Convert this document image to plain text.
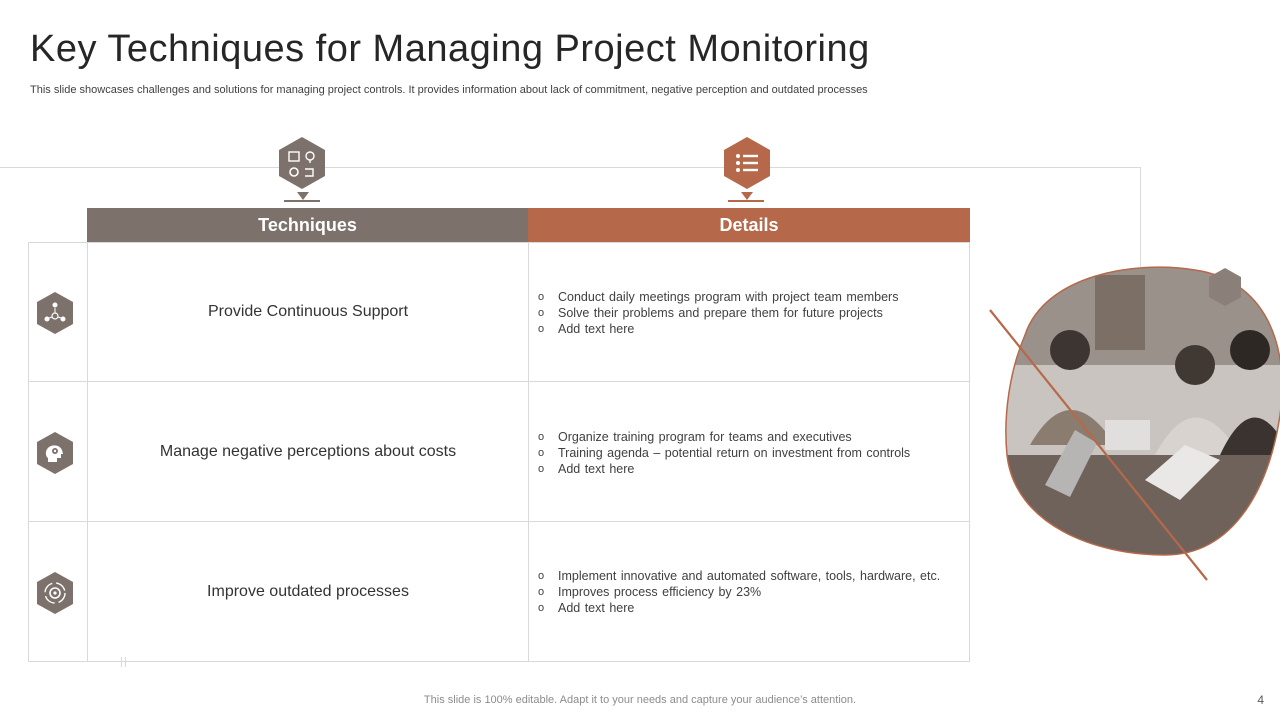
Key Techniques for Managing Project Monitoring
This slide showcases challenges and solutions for managing project controls. It provides information about lack of commitment, negative perception and outdated processes
Techniques	Details
Provide Continuous Support
Manage negative perceptions about costs
Improve outdated processes
o Conduct daily meetings program with project team members
o Solve their problems and prepare them for future projects
o Add text here
o Organize training program for teams and executives
o Training agenda – potential return on investment from controls
o Add text here
o Implement innovative and automated software, tools, hardware, etc.
o Improves process efficiency by 23%
o Add text here
This slide is 100% editable. Adapt it to your needs and capture your audience’s attention.	4
